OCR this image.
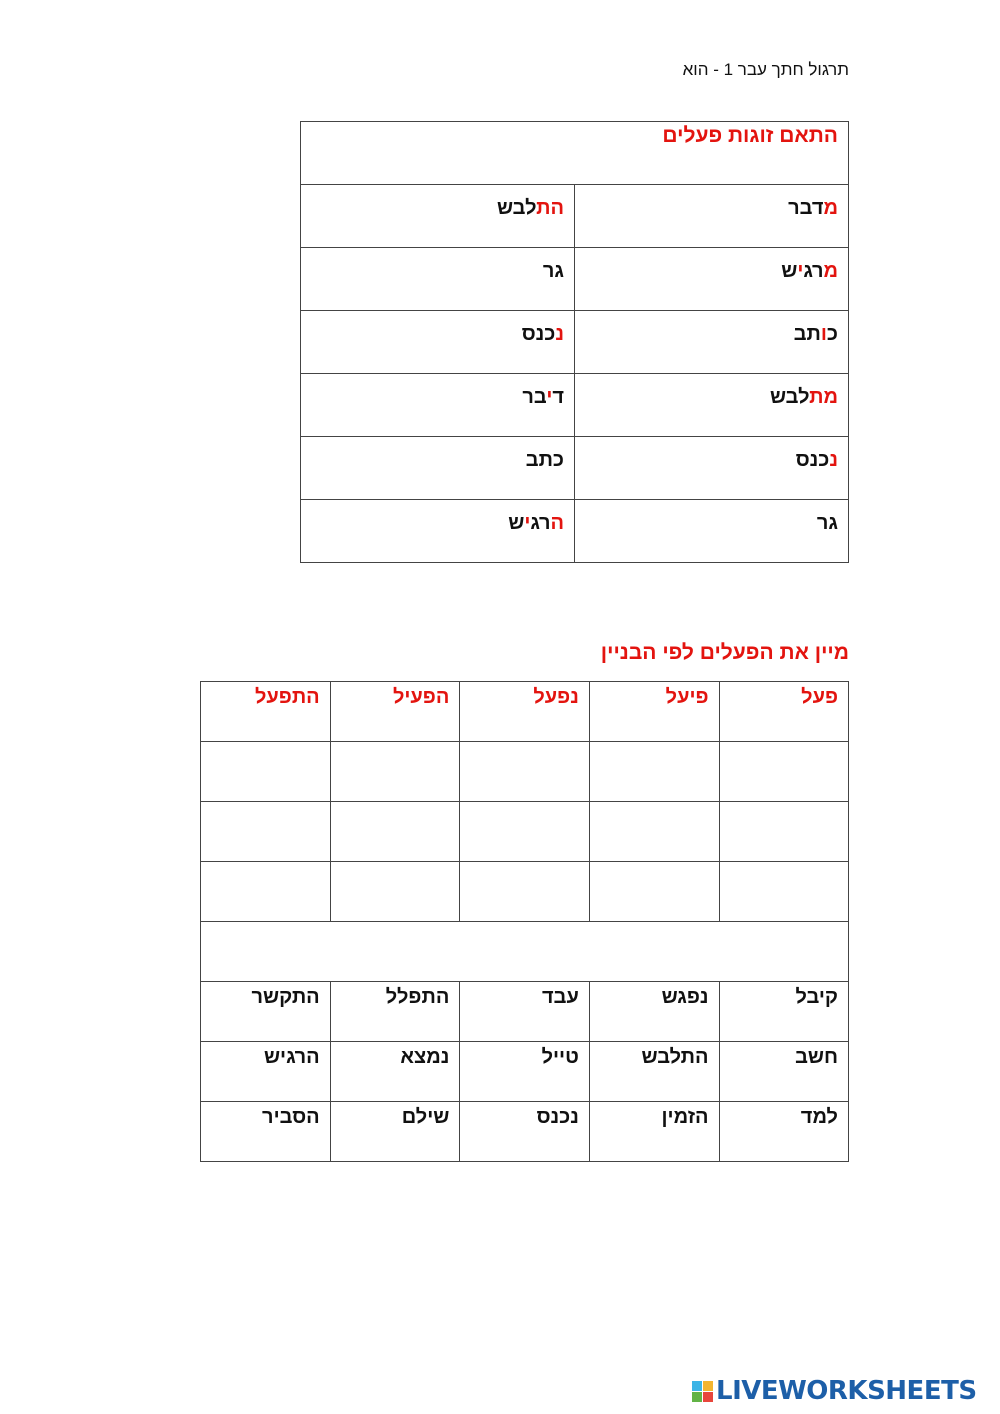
תרגול חתך עבר 1 - הוא
התאם זוגות פעלים	

מדבר	התלבש

מרגיש	גר

כותב	נכנס

מתלבש	דיבר

נכנס	כתב

גר	הרגיש
מיין את הפעלים לפי הבניין
פעל	פיעל	נפעל	הפעיל	התפעל

קיבל	נפגש	עבד	התפלל	התקשר

חשב	התלבש	טייל	נמצא	הרגיש

למד	הזמין	נכנס	שילם	הסביר
LIVEWORKSHEETS
